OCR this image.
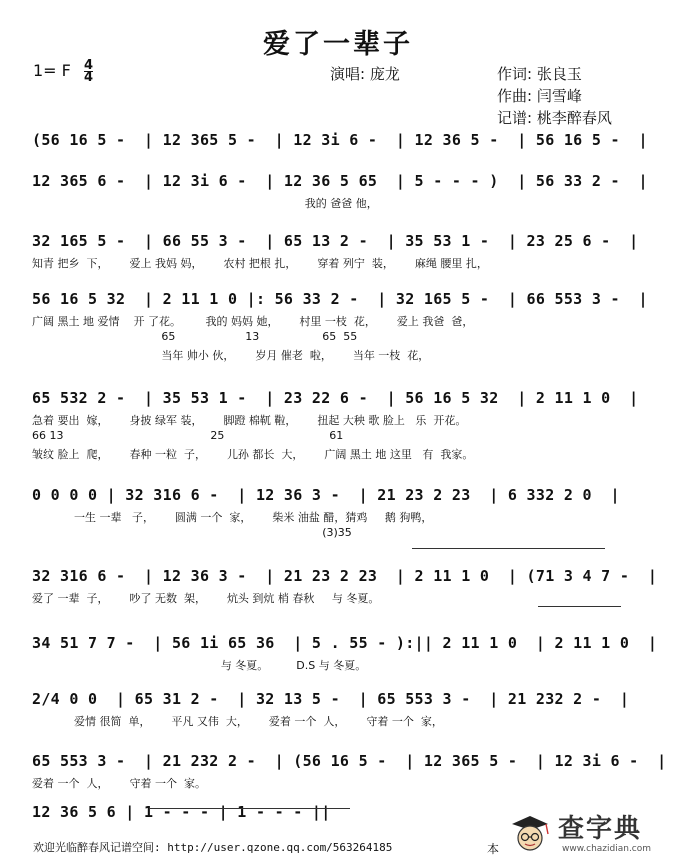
爱了一辈子
1= F $\frac{4}{4}$	演唱: 庞龙	作词: 张良玉
作曲: 闫雪峰
记谱: 桃李醉春风
(56 16 5 -  | 12 365 5 -  | 12 3i 6 -  | 12 36 5 -  | 56 16 5 -  |
12 365 6 -  | 12 3i 6 -  | 12 36 5 65  | 5 - - - )  | 56 33 2 -  |
我的 爸爸 他，
32 165 5 -  | 66 55 3 -  | 65 13 2 -  | 35 53 1 -  | 23 25 6 -  |
知青 把乡  下，      爱上 我妈 妈，      农村 把根 扎，      穿着 列宁  装，      麻绳 腰里 扎，
56 16 5 32  | 2 11 1 0 |: 56 33 2 -  | 32 165 5 -  | 66 553 3 -  |
广阔 黑土 地 爱情    开 了花。       我的 妈妈 她，      村里 一枝  花，      爱上 我爸  爸，
65                    13                  65  55
当年 帅小 伙，      岁月 催老  啦，      当年 一枝  花，
65 532 2 -  | 35 53 1 -  | 23 22 6 -  | 56 16 5 32  | 2 11 1 0  |
急着 要出  嫁，      身披 绿军 装，      脚蹬 棉靰 鞡，      扭起 大秧 歌 脸上   乐  开花。
66 13                                          25                              61
皱纹 脸上  爬，      春种 一粒  子，      儿孙 都长  大，      广阔 黑土 地 这里   有  我家。
0 0 0 0 | 32 316 6 -  | 12 36 3 -  | 21 23 2 23  | 6 332 2 0  |
一生 一辈   子，      圆满 一个  家，      柴米 油盐 醋，猜鸡     鹅 狗鸭，
(3)35
32 316 6 -  | 12 36 3 -  | 21 23 2 23  | 2 11 1 0  | (71 3 4 7 -  |
爱了 一辈  子，      吵了 无数  架，      炕头 到炕 梢 春秋     与 冬夏。
34 51 7 7 -  | 56 1i 65 36  | 5 . 55 - ):|| 2 11 1 0  | 2 11 1 0  |
与 冬夏。        D.S 与 冬夏。
2/4 0 0  | 65 31 2 -  | 32 13 5 -  | 65 553 3 -  | 21 232 2 -  |
爱情 很简  单，      平凡 又伟  大，      爱着 一个  人，      守着 一个  家，
65 553 3 -  | 21 232 2 -  | (56 16 5 -  | 12 365 5 -  | 12 3i 6 -  |
爱着 一个  人，      守着 一个  家。
12 36 5 6 | 1 - - - | 1 - - - ||
欢迎光临醉春风记谱空间: http://user.qzone.qq.com/563264185	本
查字典
www.chazidian.com
